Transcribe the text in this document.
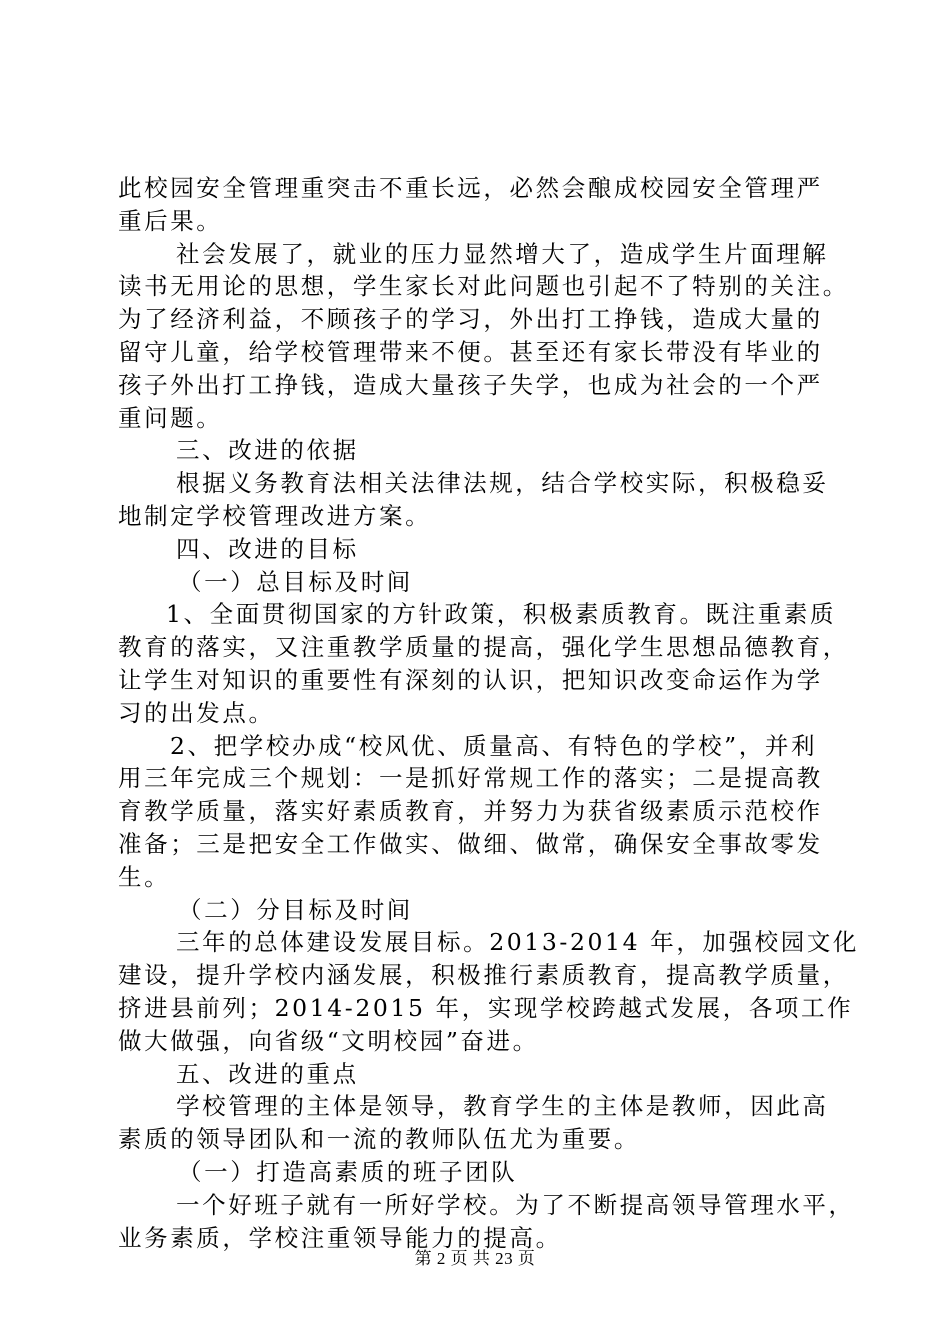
此校园安全管理重突击不重长远，必然会酿成校园安全管理严
重后果。
社会发展了，就业的压力显然增大了，造成学生片面理解
读书无用论的思想，学生家长对此问题也引起不了特别的关注。
为了经济利益，不顾孩子的学习，外出打工挣钱，造成大量的
留守儿童，给学校管理带来不便。甚至还有家长带没有毕业的
孩子外出打工挣钱，造成大量孩子失学，也成为社会的一个严
重问题。
三、改进的依据
根据义务教育法相关法律法规，结合学校实际，积极稳妥
地制定学校管理改进方案。
四、改进的目标
（一）总目标及时间
1、全面贯彻国家的方针政策，积极素质教育。既注重素质
教育的落实，又注重教学质量的提高，强化学生思想品德教育，
让学生对知识的重要性有深刻的认识，把知识改变命运作为学
习的出发点。
2、把学校办成“校风优、质量高、有特色的学校”，并利
用三年完成三个规划：一是抓好常规工作的落实；二是提高教
育教学质量，落实好素质教育，并努力为获省级素质示范校作
准备；三是把安全工作做实、做细、做常，确保安全事故零发
生。
（二）分目标及时间
三年的总体建设发展目标。2013-2014 年，加强校园文化
建设，提升学校内涵发展，积极推行素质教育，提高教学质量，
挤进县前列；2014-2015 年，实现学校跨越式发展，各项工作
做大做强，向省级“文明校园”奋进。
五、改进的重点
学校管理的主体是领导，教育学生的主体是教师，因此高
素质的领导团队和一流的教师队伍尤为重要。
（一）打造高素质的班子团队
一个好班子就有一所好学校。为了不断提高领导管理水平，
业务素质，学校注重领导能力的提高。
第 2 页 共 23 页
